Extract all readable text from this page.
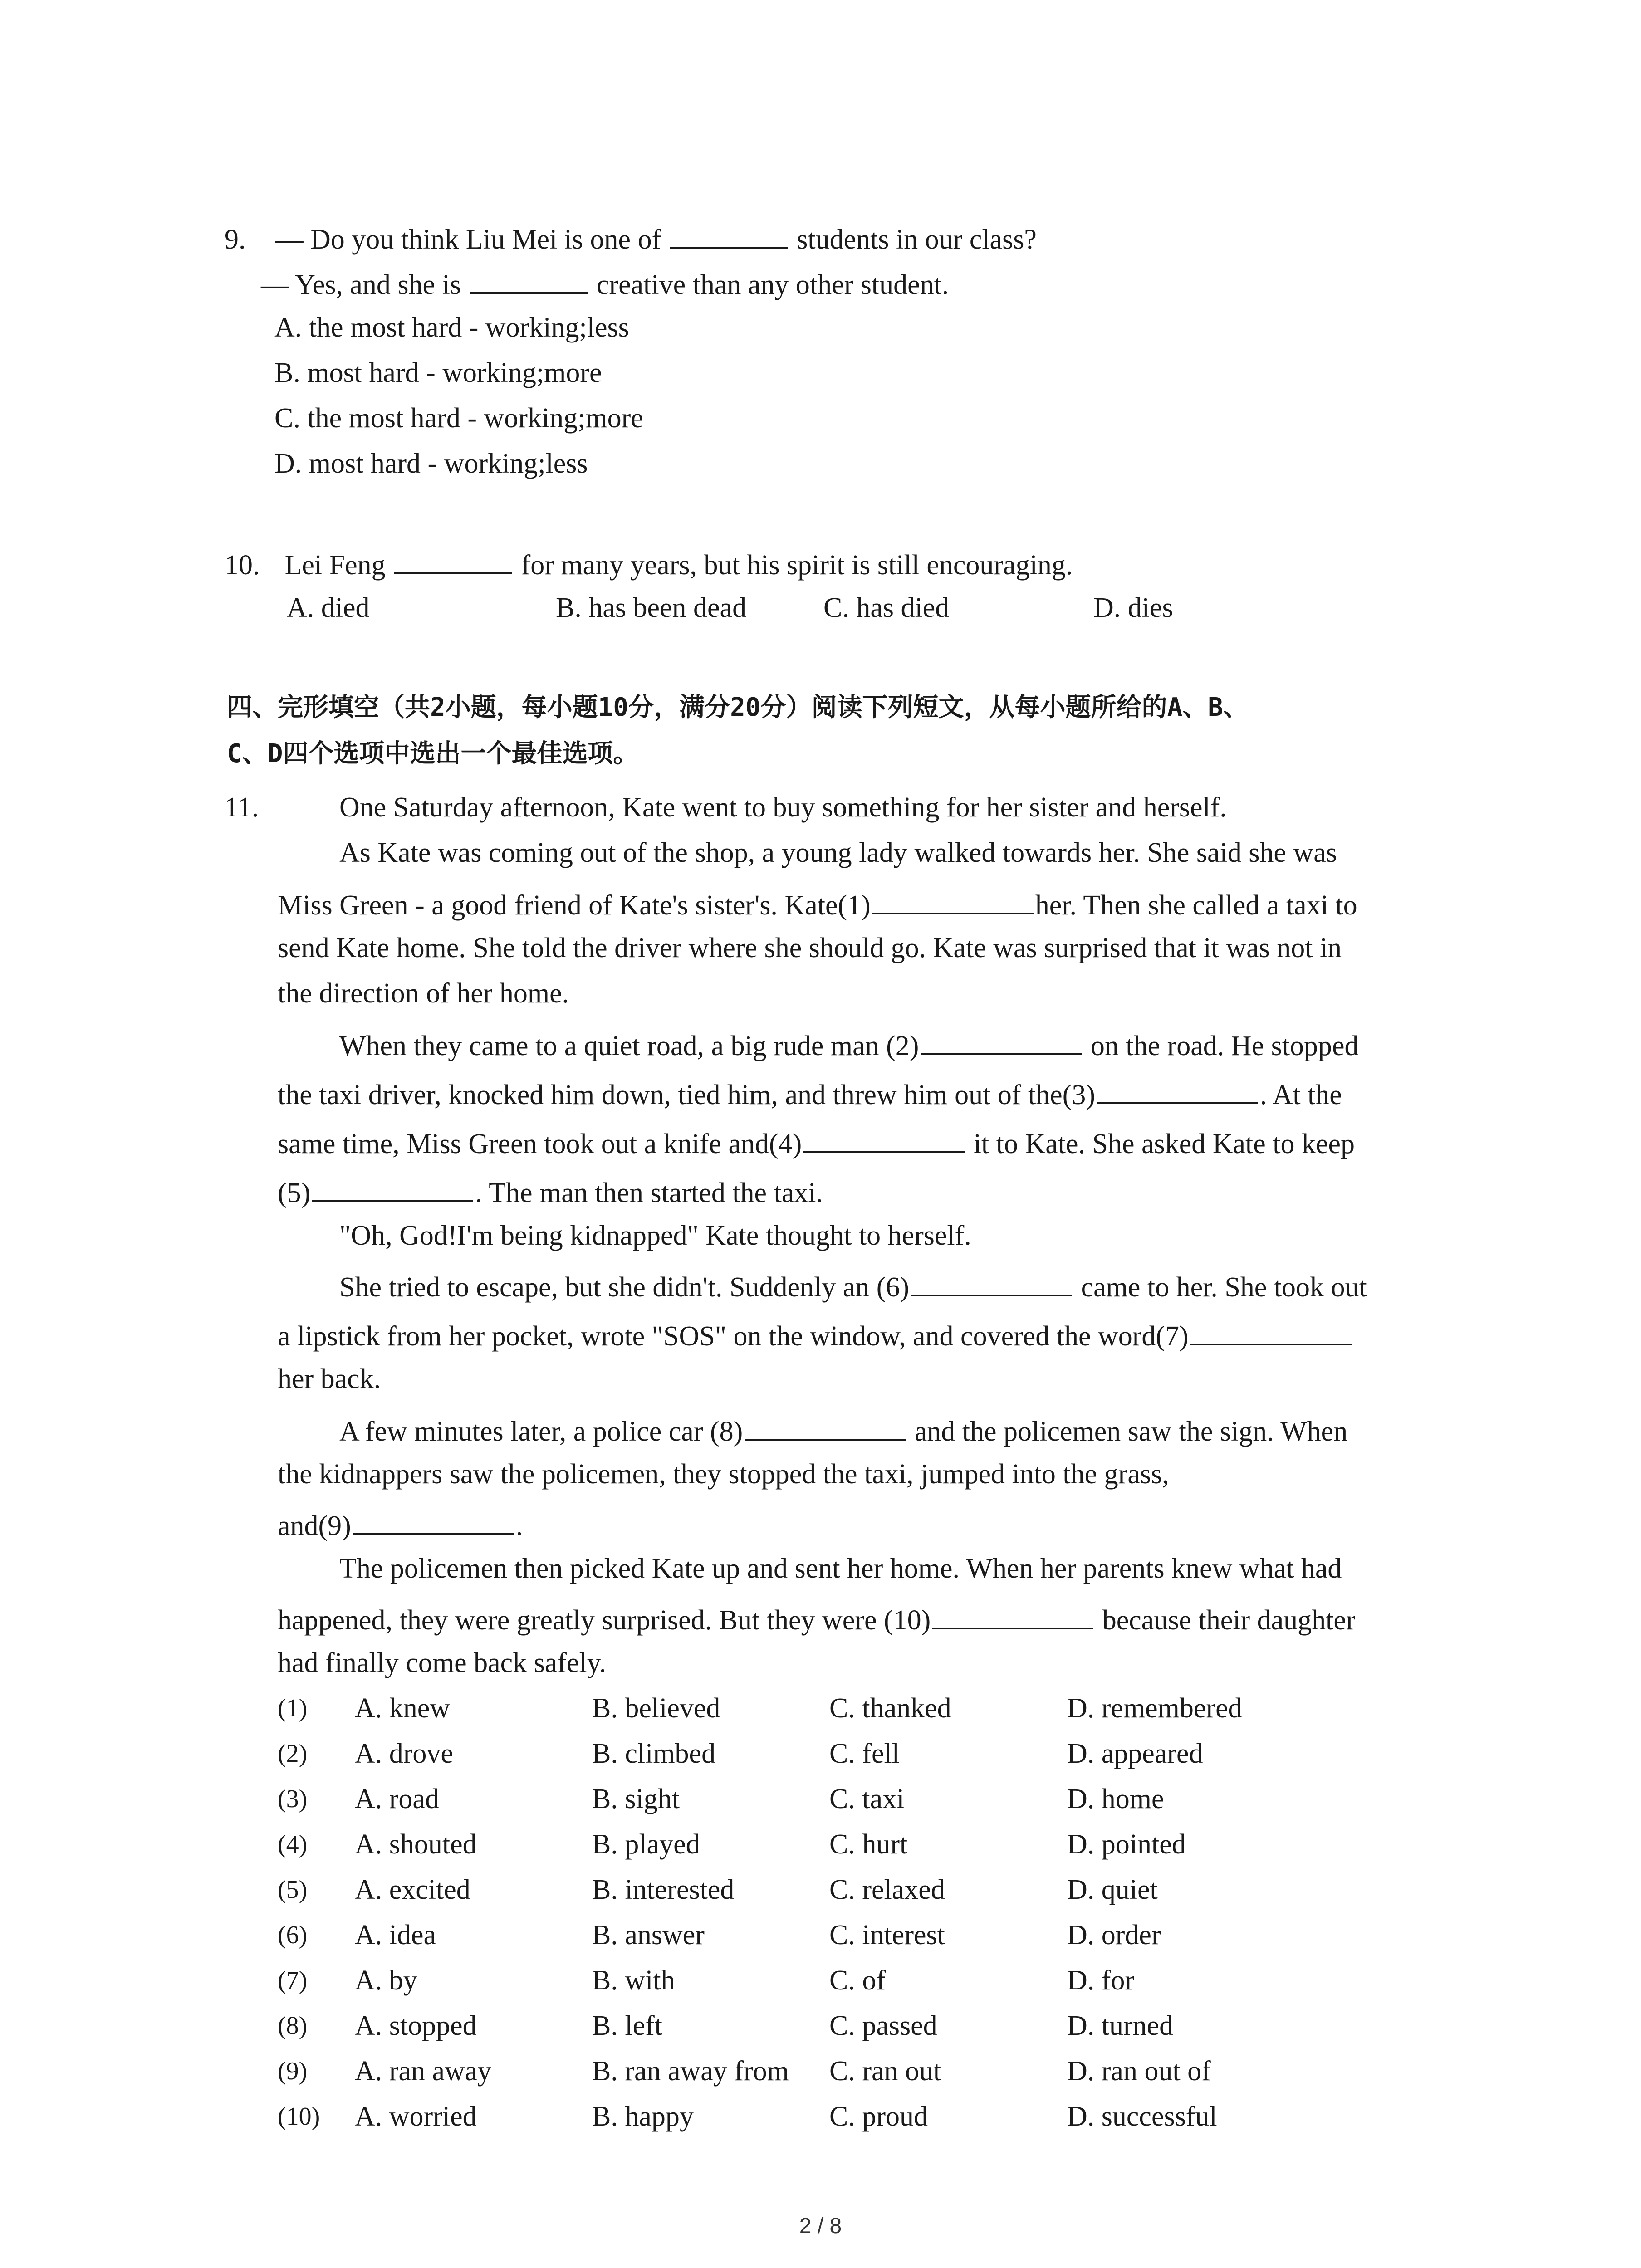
9. — Do you think Liu Mei is one of	students in our class?
— Yes, and she is	creative than any other student.
A. the most hard - working;less
B. most hard - working;more
C. the most hard - working;more
D. most hard - working;less
10. Lei Feng	for many years, but his spirit is still encouraging.
A. died	B. has been dead	C. has died	D. dies
四、完形填空（共2小题，每小题10分，满分20分）阅读下列短文，从每小题所给的A、B、
C、D四个选项中选出一个最佳选项。
11.	One Saturday afternoon, Kate went to buy something for her sister and herself.
As Kate was coming out of the shop, a young lady walked towards her. She said she was
Miss Green - a good friend of Kate's sister's. Kate(1)	her. Then she called a taxi to
send Kate home. She told the driver where she should go. Kate was surprised that it was not in
the direction of her home.
When they came to a quiet road, a big rude man (2)	on the road. He stopped
the taxi driver, knocked him down, tied him, and threw him out of the(3)	. At the
same time, Miss Green took out a knife and(4)	it to Kate. She asked Kate to keep
(5)	. The man then started the taxi.
"Oh, God!I'm being kidnapped" Kate thought to herself.
She tried to escape, but she didn't. Suddenly an (6)	came to her. She took out
a lipstick from her pocket, wrote "SOS" on the window, and covered the word(7)
her back.
A few minutes later, a police car (8)	and the policemen saw the sign. When
the kidnappers saw the policemen, they stopped the taxi, jumped into the grass,
and(9)	.
The policemen then picked Kate up and sent her home. When her parents knew what had
happened, they were greatly surprised. But they were (10)	because their daughter
had finally come back safely.
(1) A. knew	B. believed	C. thanked	D. remembered
(2) A. drove	B. climbed	C. fell	D. appeared
(3) A. road	B. sight	C. taxi	D. home
(4) A. shouted	B. played	C. hurt	D. pointed
(5) A. excited	B. interested	C. relaxed	D. quiet
(6) A. idea	B. answer	C. interest	D. order
(7) A. by	B. with	C. of	D. for
(8) A. stopped	B. left	C. passed	D. turned
(9) A. ran away	B. ran away from C. ran out	D. ran out of
(10) A. worried	B. happy	C. proud	D. successful
2 / 8
